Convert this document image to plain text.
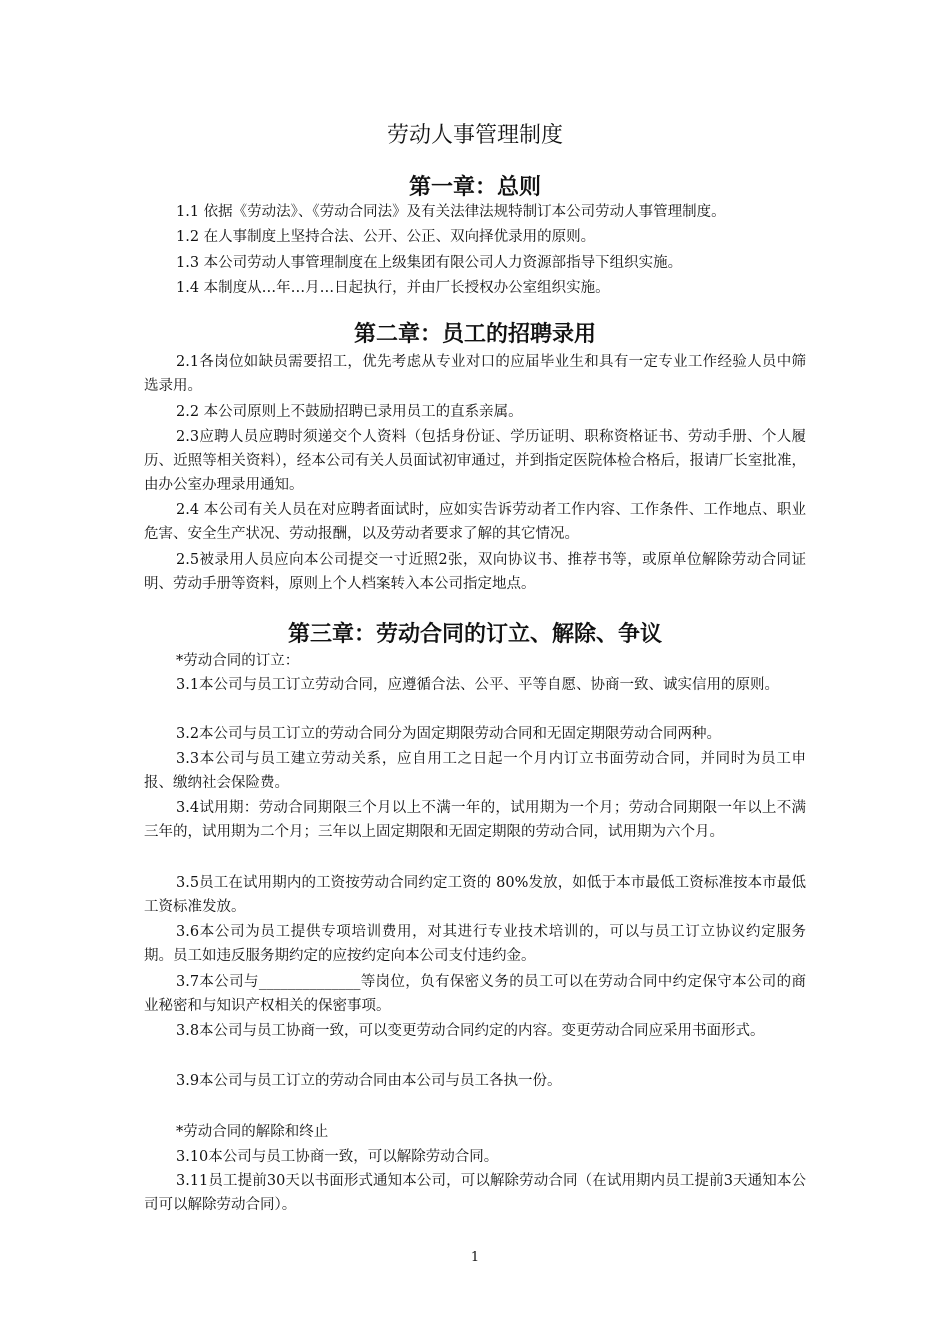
劳动人事管理制度
第一章：总则

1.1 依据《劳动法》、《劳动合同法》及有关法律法规特制订本公司劳动人事管理制度。

1.2 在人事制度上坚持合法、公开、公正、双向择优录用的原则。

1.3 本公司劳动人事管理制度在上级集团有限公司人力资源部指导下组织实施。

1.4 本制度从…年…月…日起执行，并由厂长授权办公室组织实施。

第二章：员工的招聘录用

2.1各岗位如缺员需要招工，优先考虑从专业对口的应届毕业生和具有一定专业工作经验人员中筛选录用。

2.2 本公司原则上不鼓励招聘已录用员工的直系亲属。

2.3应聘人员应聘时须递交个人资料（包括身份证、学历证明、职称资格证书、劳动手册、个人履历、近照等相关资料），经本公司有关人员面试初审通过，并到指定医院体检合格后，报请厂长室批准，由办公室办理录用通知。

2.4 本公司有关人员在对应聘者面试时，应如实告诉劳动者工作内容、工作条件、工作地点、职业危害、安全生产状况、劳动报酬，以及劳动者要求了解的其它情况。

2.5被录用人员应向本公司提交一寸近照2张，双向协议书、推荐书等，或原单位解除劳动合同证明、劳动手册等资料，原则上个人档案转入本公司指定地点。

第三章：劳动合同的订立、解除、争议

*劳动合同的订立：

3.1本公司与员工订立劳动合同，应遵循合法、公平、平等自愿、协商一致、诚实信用的原则。

3.2本公司与员工订立的劳动合同分为固定期限劳动合同和无固定期限劳动合同两种。

3.3本公司与员工建立劳动关系，应自用工之日起一个月内订立书面劳动合同，并同时为员工申报、缴纳社会保险费。

3.4试用期：劳动合同期限三个月以上不满一年的，试用期为一个月；劳动合同期限一年以上不满三年的，试用期为二个月；三年以上固定期限和无固定期限的劳动合同，试用期为六个月。

3.5员工在试用期内的工资按劳动合同约定工资的 80%发放，如低于本市最低工资标准按本市最低工资标准发放。

3.6本公司为员工提供专项培训费用，对其进行专业技术培训的，可以与员工订立协议约定服务期。员工如违反服务期约定的应按约定向本公司支付违约金。

3.7本公司与______________等岗位，负有保密义务的员工可以在劳动合同中约定保守本公司的商业秘密和与知识产权相关的保密事项。

3.8本公司与员工协商一致，可以变更劳动合同约定的内容。变更劳动合同应采用书面形式。

3.9本公司与员工订立的劳动合同由本公司与员工各执一份。

*劳动合同的解除和终止

3.10本公司与员工协商一致，可以解除劳动合同。

3.11员工提前30天以书面形式通知本公司，可以解除劳动合同（在试用期内员工提前3天通知本公司可以解除劳动合同）。

1
